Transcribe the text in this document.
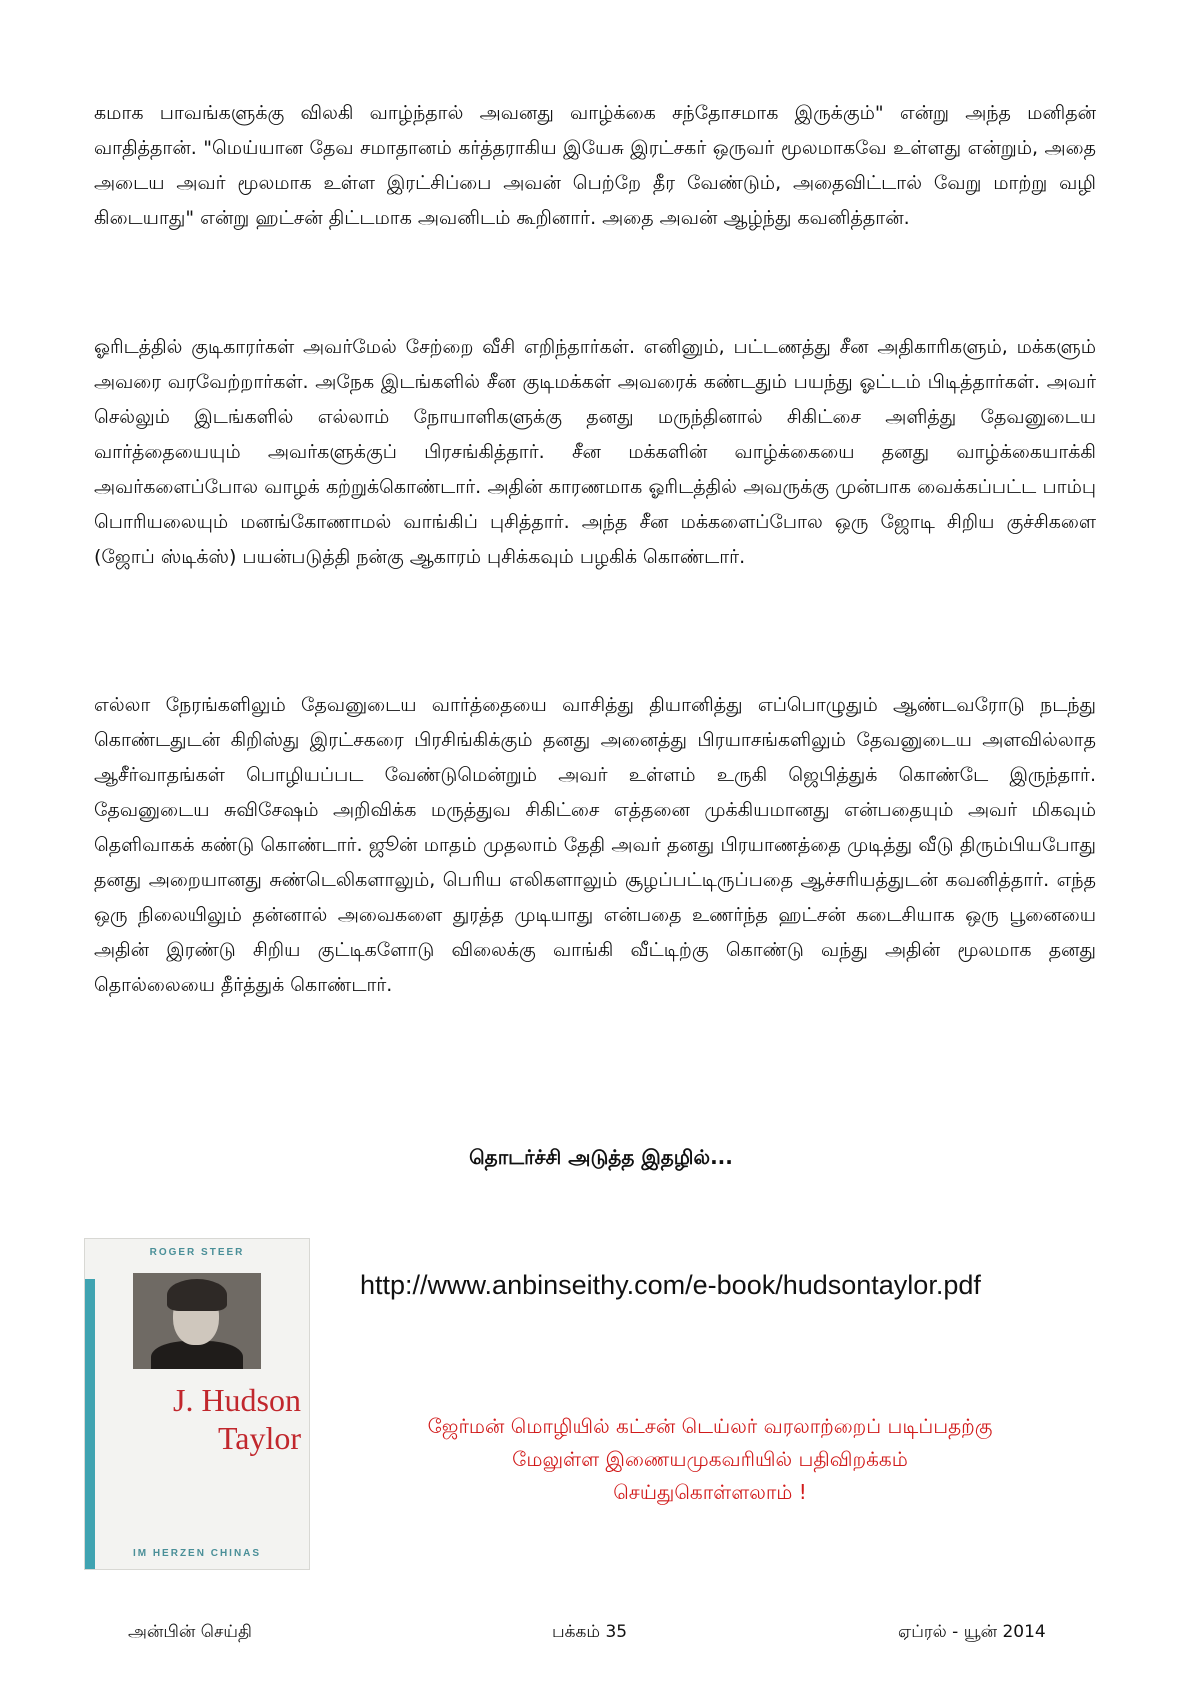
கமாக பாவங்களுக்கு விலகி வாழ்ந்தால் அவனது வாழ்க்கை சந்தோசமாக இருக்கும்" என்று அந்த மனிதன் வாதித்தான். "மெய்யான தேவ சமாதானம் கர்த்தராகிய இயேசு இரட்சகர் ஒருவர் மூலமாகவே உள்ளது என்றும், அதை அடைய அவர் மூலமாக உள்ள இரட்சிப்பை அவன் பெற்றே தீர வேண்டும், அதைவிட்டால் வேறு மாற்று வழி கிடையாது" என்று ஹட்சன் திட்டமாக அவனிடம் கூறினார். அதை அவன் ஆழ்ந்து கவனித்தான்.

ஓரிடத்தில் குடிகாரர்கள் அவர்மேல் சேற்றை வீசி எறிந்தார்கள். எனினும், பட்டணத்து சீன அதிகாரிகளும், மக்களும் அவரை வரவேற்றார்கள். அநேக இடங்களில் சீன குடிமக்கள் அவரைக் கண்டதும் பயந்து ஓட்டம் பிடித்தார்கள். அவர் செல்லும் இடங்களில் எல்லாம் நோயாளிகளுக்கு தனது மருந்தினால் சிகிட்சை அளித்து தேவனுடைய வார்த்தையையும் அவர்களுக்குப் பிரசங்கித்தார். சீன மக்களின் வாழ்க்கையை தனது வாழ்க்கையாக்கி அவர்களைப்போல வாழக் கற்றுக்கொண்டார். அதின் காரணமாக ஓரிடத்தில் அவருக்கு முன்பாக வைக்கப்பட்ட பாம்பு பொரியலையும் மனங்கோணாமல் வாங்கிப் புசித்தார். அந்த சீன மக்களைப்போல ஒரு ஜோடி சிறிய குச்சிகளை (ஜோப் ஸ்டிக்ஸ்) பயன்படுத்தி நன்கு ஆகாரம் புசிக்கவும் பழகிக் கொண்டார்.

எல்லா நேரங்களிலும் தேவனுடைய வார்த்தையை வாசித்து தியானித்து எப்பொழுதும் ஆண்டவரோடு நடந்து கொண்டதுடன் கிறிஸ்து இரட்சகரை பிரசிங்கிக்கும் தனது அனைத்து பிரயாசங்களிலும் தேவனுடைய அளவில்லாத ஆசீர்வாதங்கள் பொழியப்பட வேண்டுமென்றும் அவர் உள்ளம் உருகி ஜெபித்துக் கொண்டே இருந்தார். தேவனுடைய சுவிசேஷம் அறிவிக்க மருத்துவ சிகிட்சை எத்தனை முக்கியமானது என்பதையும் அவர் மிகவும் தெளிவாகக் கண்டு கொண்டார். ஜூன் மாதம் முதலாம் தேதி அவர் தனது பிரயாணத்தை முடித்து வீடு திரும்பியபோது தனது அறையானது சுண்டெலிகளாலும், பெரிய எலிகளாலும் சூழப்பட்டிருப்பதை ஆச்சரியத்துடன் கவனித்தார். எந்த ஒரு நிலையிலும் தன்னால் அவைகளை துரத்த முடியாது என்பதை உணர்ந்த ஹட்சன் கடைசியாக ஒரு பூனையை அதின் இரண்டு சிறிய குட்டிகளோடு விலைக்கு வாங்கி வீட்டிற்கு கொண்டு வந்து அதின் மூலமாக தனது தொல்லையை தீர்த்துக் கொண்டார்.

தொடர்ச்சி அடுத்த இதழில்...
ROGER STEER
J. Hudson
Taylor
IM HERZEN CHINAS
http://www.anbinseithy.com/e-book/hudsontaylor.pdf
ஜேர்மன் மொழியில் கட்சன் டெய்லர் வரலாற்றைப் படிப்பதற்கு
மேலுள்ள இணையமுகவரியில் பதிவிறக்கம்
செய்துகொள்ளலாம் !
அன்பின் செய்தி	பக்கம் 35	ஏப்ரல் - யூன் 2014
